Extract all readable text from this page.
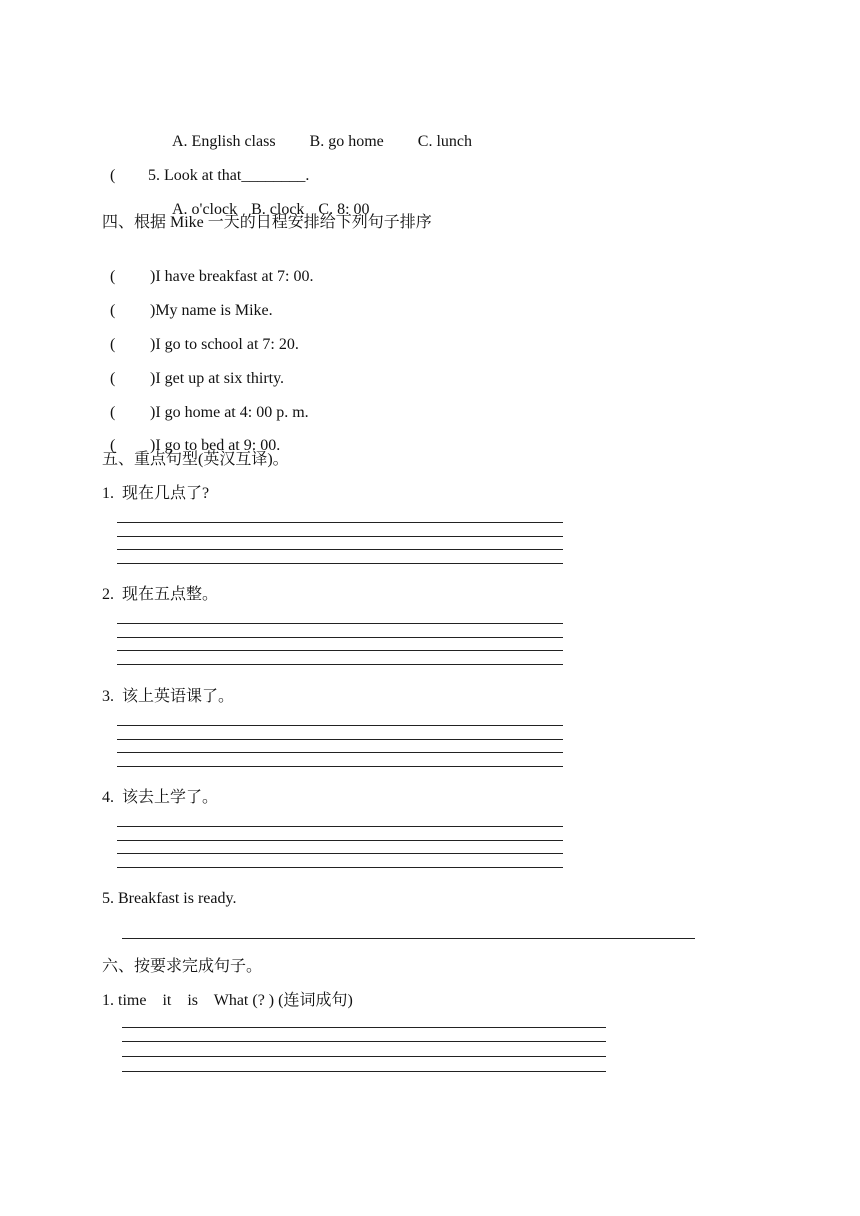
A. English class B. go home C. lunch

( 5. Look at that________.

A. o'clock B. clock C. 8: 00

四、根据 Mike 一天的日程安排给下列句子排序

( )I have breakfast at 7: 00.

( )My name is Mike.

( )I go to school at 7: 20.

( )I get up at six thirty.

( )I go home at 4: 00 p. m.

( )I go to bed at 9: 00.

五、重点句型(英汉互译)。
1.  现在几点了?
2.  现在五点整。
3.  该上英语课了。
4.  该去上学了。
5. Breakfast is ready.
六、按要求完成句子。
1. time    it    is    What (? ) (连词成句)
